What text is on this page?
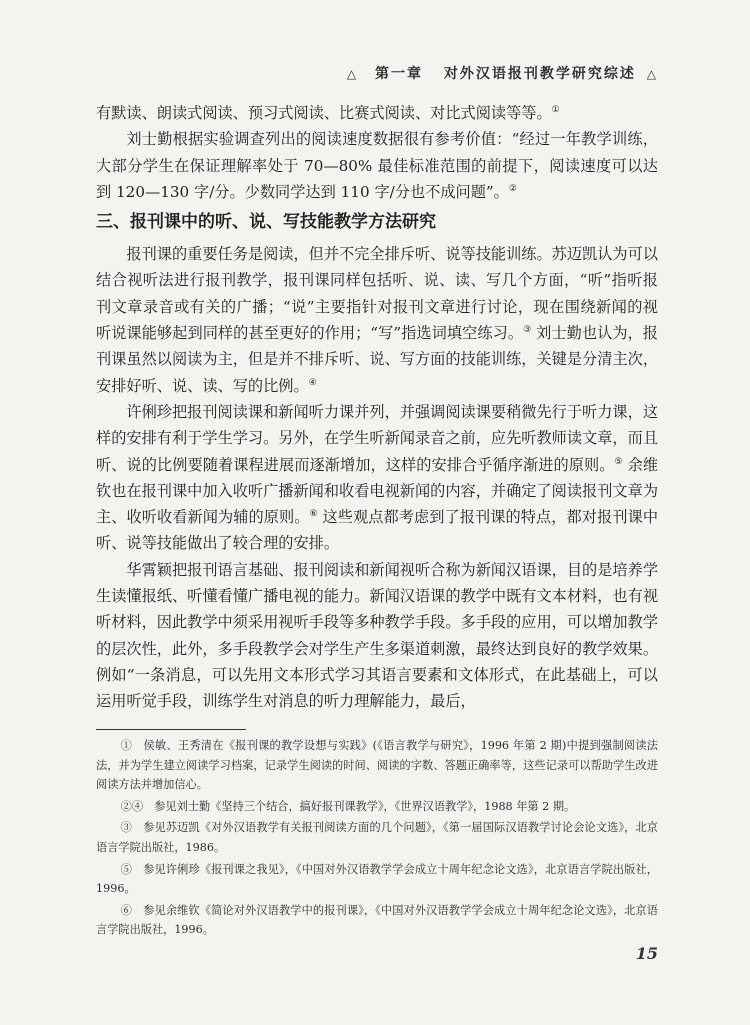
△ 第一章 对外汉语报刊教学研究综述 △

有默读、朗读式阅读、预习式阅读、比赛式阅读、对比式阅读等等。①

刘士勤根据实验调查列出的阅读速度数据很有参考价值：“经过一年教学训练，大部分学生在保证理解率处于 70—80% 最佳标准范围的前提下，阅读速度可以达到 120—130 字/分。少数同学达到 110 字/分也不成问题”。②

三、报刊课中的听、说、写技能教学方法研究

报刊课的重要任务是阅读，但并不完全排斥听、说等技能训练。苏迈凯认为可以结合视听法进行报刊教学，报刊课同样包括听、说、读、写几个方面，“听”指听报刊文章录音或有关的广播；“说”主要指针对报刊文章进行讨论，现在围绕新闻的视听说课能够起到同样的甚至更好的作用；“写”指选词填空练习。③ 刘士勤也认为，报刊课虽然以阅读为主，但是并不排斥听、说、写方面的技能训练，关键是分清主次，安排好听、说、读、写的比例。④

许俐珍把报刊阅读课和新闻听力课并列，并强调阅读课要稍微先行于听力课，这样的安排有利于学生学习。另外，在学生听新闻录音之前，应先听教师读文章，而且听、说的比例要随着课程进展而逐渐增加，这样的安排合乎循序渐进的原则。⑤ 余维钦也在报刊课中加入收听广播新闻和收看电视新闻的内容，并确定了阅读报刊文章为主、收听收看新闻为辅的原则。⑥ 这些观点都考虑到了报刊课的特点，都对报刊课中听、说等技能做出了较合理的安排。

华霄颖把报刊语言基础、报刊阅读和新闻视听合称为新闻汉语课，目的是培养学生读懂报纸、听懂看懂广播电视的能力。新闻汉语课的教学中既有文本材料，也有视听材料，因此教学中须采用视听手段等多种教学手段。多手段的应用，可以增加教学的层次性，此外，多手段教学会对学生产生多渠道刺激，最终达到良好的教学效果。例如“一条消息，可以先用文本形式学习其语言要素和文体形式，在此基础上，可以运用听觉手段，训练学生对消息的听力理解能力，最后，

①　侯敏、王秀清在《报刊课的教学设想与实践》(《语言教学与研究》，1996 年第 2 期)中提到强制阅读法法，并为学生建立阅读学习档案，记录学生阅读的时间、阅读的字数、答题正确率等，这些记录可以帮助学生改进阅读方法并增加信心。

②④　参见刘士勤《坚持三个结合，搞好报刊课教学》，《世界汉语教学》，1988 年第 2 期。

③　参见苏迈凯《对外汉语教学有关报刊阅读方面的几个问题》，《第一届国际汉语教学讨论会论文选》，北京语言学院出版社，1986。

⑤　参见许俐珍《报刊课之我见》，《中国对外汉语教学学会成立十周年纪念论文选》，北京语言学院出版社，1996。

⑥　参见余维钦《简论对外汉语教学中的报刊课》，《中国对外汉语教学学会成立十周年纪念论文选》，北京语言学院出版社，1996。

15
